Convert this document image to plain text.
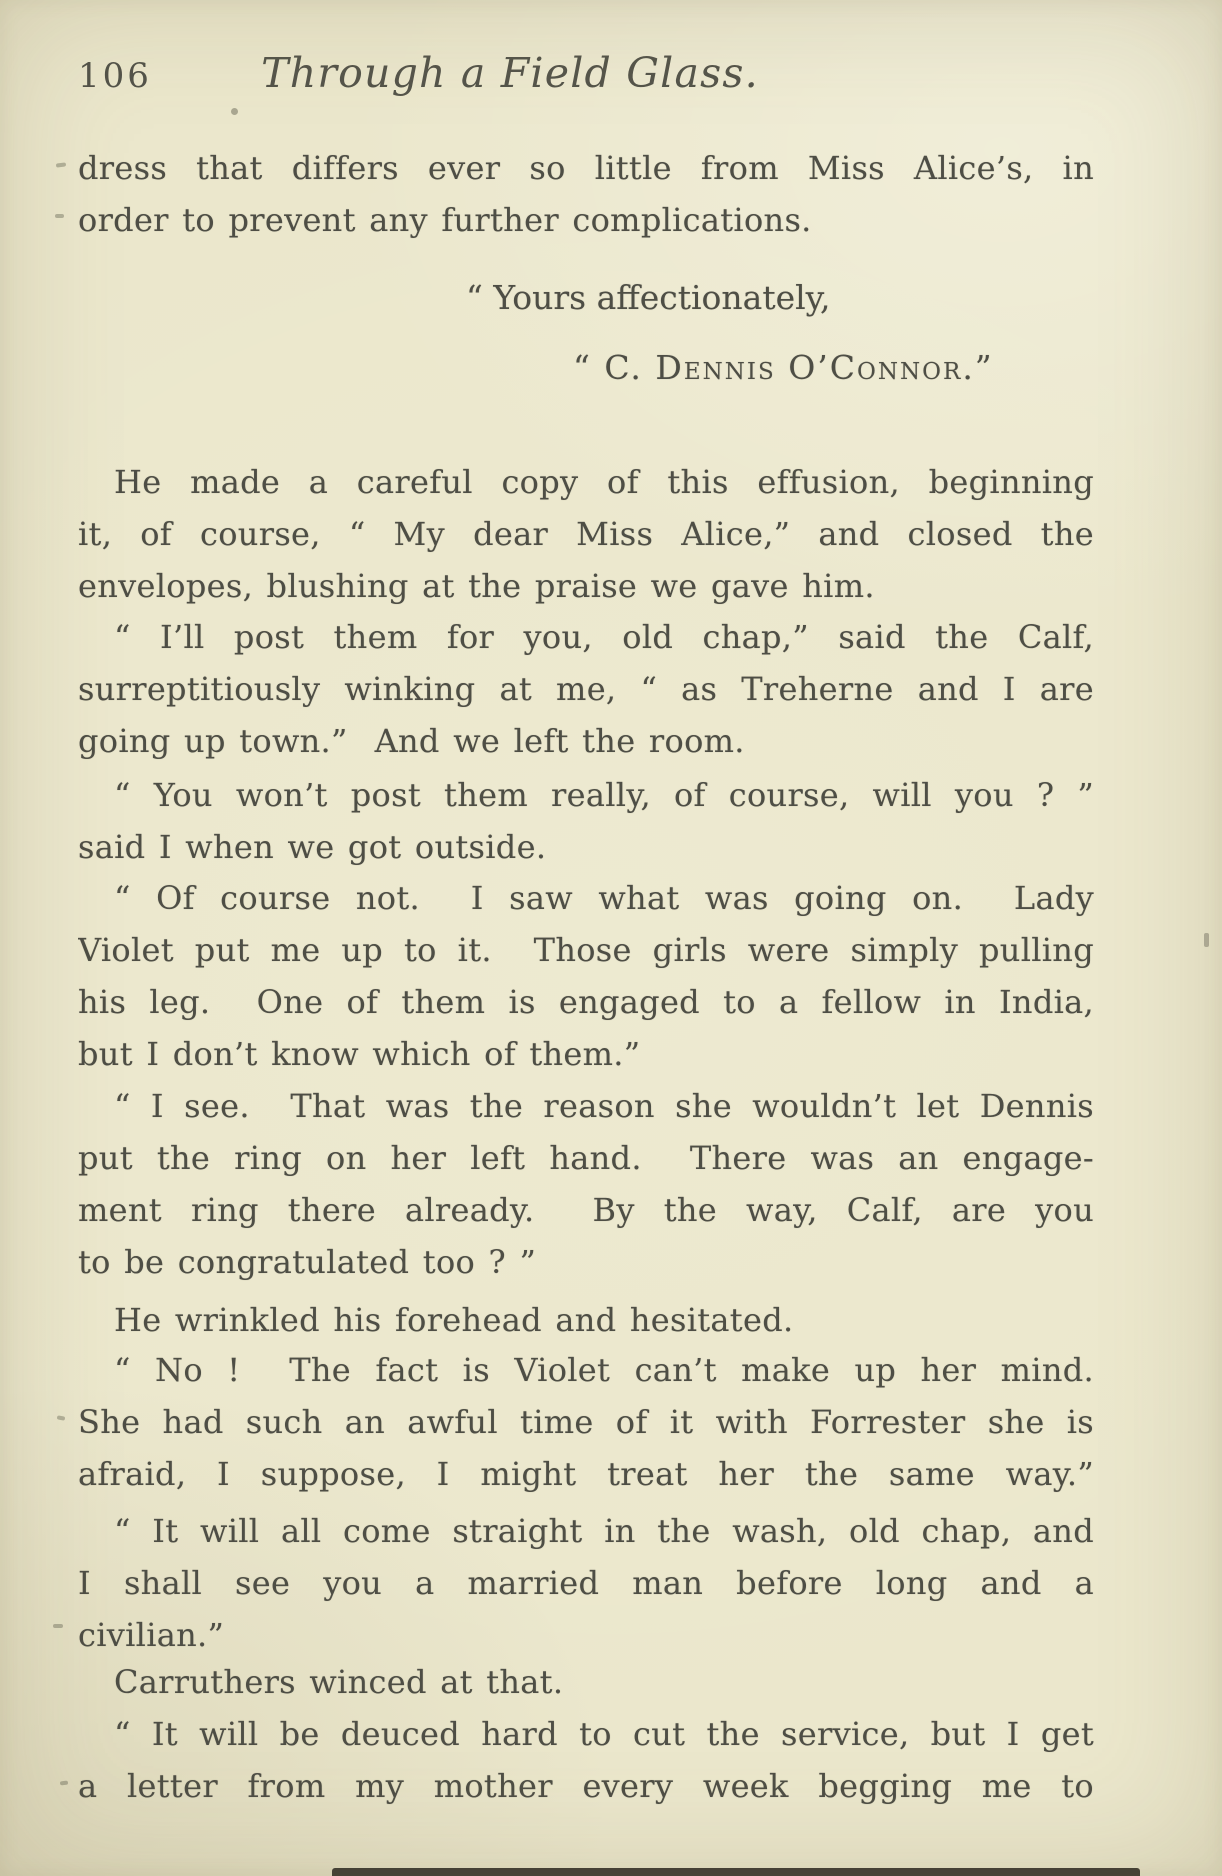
106	Through a Field Glass.
dress that differs ever so little from Miss Alice’s, in
order to prevent any further complications.
“ Yours affectionately,
“ C. Dennis O’Connor.”
He made a careful copy of this effusion, beginning
it, of course, “ My dear Miss Alice,” and closed the
envelopes, blushing at the praise we gave him.
“ I’ll post them for you, old chap,” said the Calf,
surreptitiously winking at me, “ as Treherne and I are
going up town.”  And we left the room.
“ You won’t post them really, of course, will you ? ”
said I when we got outside.
“ Of course not.  I saw what was going on.  Lady
Violet put me up to it.  Those girls were simply pulling
his leg.  One of them is engaged to a fellow in India,
but I don’t know which of them.”
“ I see.  That was the reason she wouldn’t let Dennis
put the ring on her left hand.  There was an engage-
ment ring there already.  By the way, Calf, are you
to be congratulated too ? ”
He wrinkled his forehead and hesitated.
“ No !  The fact is Violet can’t make up her mind.
She had such an awful time of it with Forrester she is
afraid, I suppose, I might treat her the same way.”
“ It will all come straight in the wash, old chap, and
I shall see you a married man before long and a
civilian.”
Carruthers winced at that.
“ It will be deuced hard to cut the service, but I get
a letter from my mother every week begging me to
